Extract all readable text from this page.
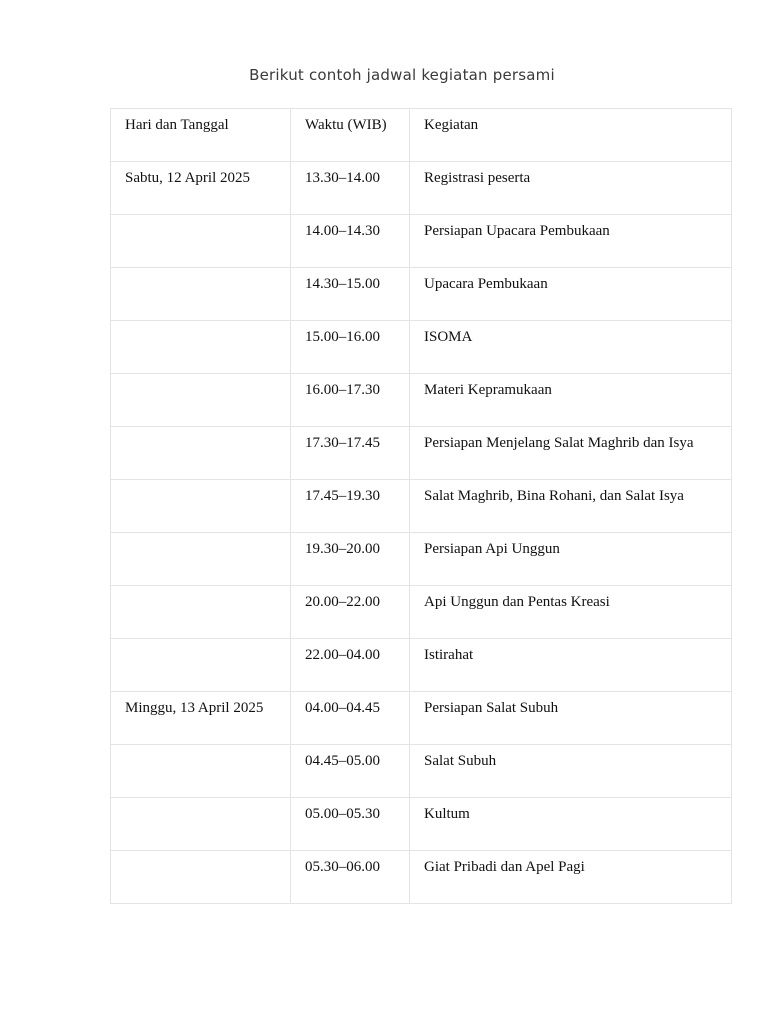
Berikut contoh jadwal kegiatan persami
Hari dan Tanggal	Waktu (WIB)	Kegiatan
Sabtu, 12 April 2025	13.30–14.00	Registrasi peserta
	14.00–14.30	Persiapan Upacara Pembukaan
	14.30–15.00	Upacara Pembukaan
	15.00–16.00	ISOMA
	16.00–17.30	Materi Kepramukaan
	17.30–17.45	Persiapan Menjelang Salat Maghrib dan Isya
	17.45–19.30	Salat Maghrib, Bina Rohani, dan Salat Isya
	19.30–20.00	Persiapan Api Unggun
	20.00–22.00	Api Unggun dan Pentas Kreasi
	22.00–04.00	Istirahat
Minggu, 13 April 2025	04.00–04.45	Persiapan Salat Subuh
	04.45–05.00	Salat Subuh
	05.00–05.30	Kultum
	05.30–06.00	Giat Pribadi dan Apel Pagi
